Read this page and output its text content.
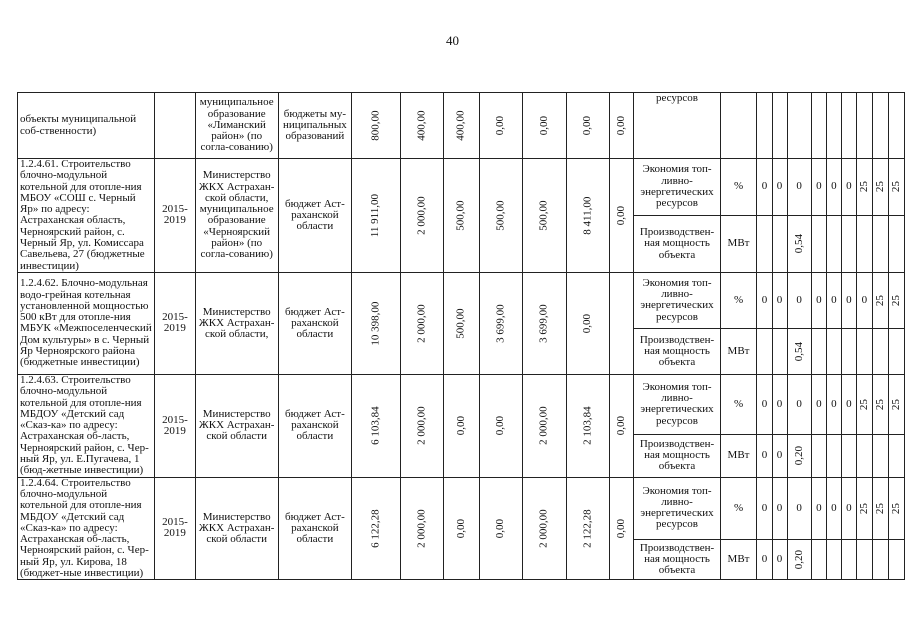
40
объекты муниципальной соб-ственности)		муниципальное образование «Лиманский район» (по согла-сованию)	бюджеты му-ниципальных образований	800,00	400,00	400,00	0,00	0,00	0,00	0,00	ресурсов										
1.2.4.61. Строительство блочно-модульной котельной для отопле-ния МБОУ «СОШ с. Черный Яр» по адресу: Астраханская область, Черноярский район, с. Черный Яр, ул. Комиссара Савельева, 27 (бюджетные инвестиции)	2015-2019	Министерство ЖКХ Астрахан-ской области, муниципальное образование «Черноярский район» (по согла-сованию)	бюджет Аст-раханской области	11 911,00	2 000,00	500,00	500,00	500,00	8 411,00	0,00	Экономия топ-ливно-энергетических ресурсов	%	0	0	0	0	0	0	25	25	25
											Производствен-ная мощность объекта	МВт			0,54						
1.2.4.62. Блочно-модульная водо-грейная котельная установленной мощностью 500 кВт для отопле-ния МБУК «Межпоселенческий Дом культуры» в с. Черный Яр Черноярского района (бюджетные инвестиции)	2015-2019	Министерство ЖКХ Астрахан-ской области,	бюджет Аст-раханской области	10 398,00	2 000,00	500,00	3 699,00	3 699,00	0,00		Экономия топ-ливно-энергетических ресурсов	%	0	0	0	0	0	0	0	25	25
											Производствен-ная мощность объекта	МВт			0,54						
1.2.4.63. Строительство блочно-модульной котельной для отопле-ния МБДОУ «Детский сад «Сказ-ка» по адресу: Астраханская об-ласть, Черноярский район, с. Чер-ный Яр, ул. Е.Пугачева, 1 (бюд-жетные инвестиции)	2015-2019	Министерство ЖКХ Астрахан-ской области	бюджет Аст-раханской области	6 103,84	2 000,00	0,00	0,00	2 000,00	2 103,84	0,00	Экономия топ-ливно-энергетических ресурсов	%	0	0	0	0	0	0	25	25	25
											Производствен-ная мощность объекта	МВт	0	0	0,20						
1.2.4.64. Строительство блочно-модульной котельной для отопле-ния МБДОУ «Детский сад «Сказ-ка» по адресу: Астраханская об-ласть, Черноярский район, с. Чер-ный Яр, ул. Кирова, 18 (бюджет-ные инвестиции)	2015-2019	Министерство ЖКХ Астрахан-ской области	бюджет Аст-раханской области	6 122,28	2 000,00	0,00	0,00	2 000,00	2 122,28	0,00	Экономия топ-ливно-энергетических ресурсов	%	0	0	0	0	0	0	25	25	25
											Производствен-ная мощность объекта	МВт	0	0	0,20						
